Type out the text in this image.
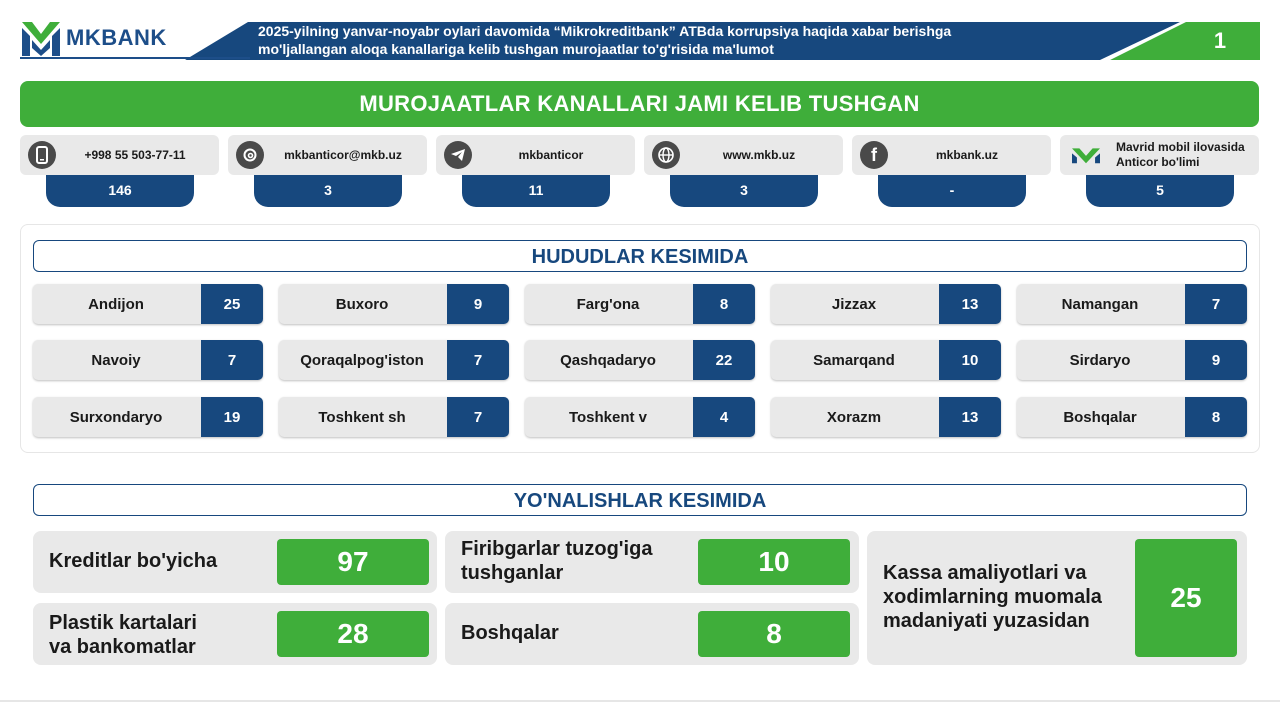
MKBANK	2025-yilning yanvar-noyabr oylari davomida “Mikrokreditbank” ATBda korrupsiya haqida xabar berishga
mo'ljallangan aloqa kanallariga kelib tushgan murojaatlar to'g'risida ma'lumot	1
MUROJAATLAR KANALLARI JAMI KELIB TUSHGAN
+998 55 503-77-11
146
mkbanticor@mkb.uz
3
mkbanticor
11
www.mkb.uz
3
f	mkbank.uz
-
Mavrid mobil ilovasida
Anticor bo'limi
5
HUDUDLAR KESIMIDA
Andijon	25	Buxoro	9	Farg'ona	8	Jizzax	13	Namangan	7
Navoiy	7	Qoraqalpog'iston	7	Qashqadaryo	22	Samarqand	10	Sirdaryo	9
Surxondaryo	19	Toshkent sh	7	Toshkent v	4	Xorazm	13	Boshqalar	8
YO'NALISHLAR KESIMIDA
Kreditlar bo'yicha	97
Plastik kartalari
va bankomatlar	28
Firibgarlar tuzog'iga
tushganlar	10
Boshqalar	8
Kassa amaliyotlari va
xodimlarning muomala
madaniyati yuzasidan
25
